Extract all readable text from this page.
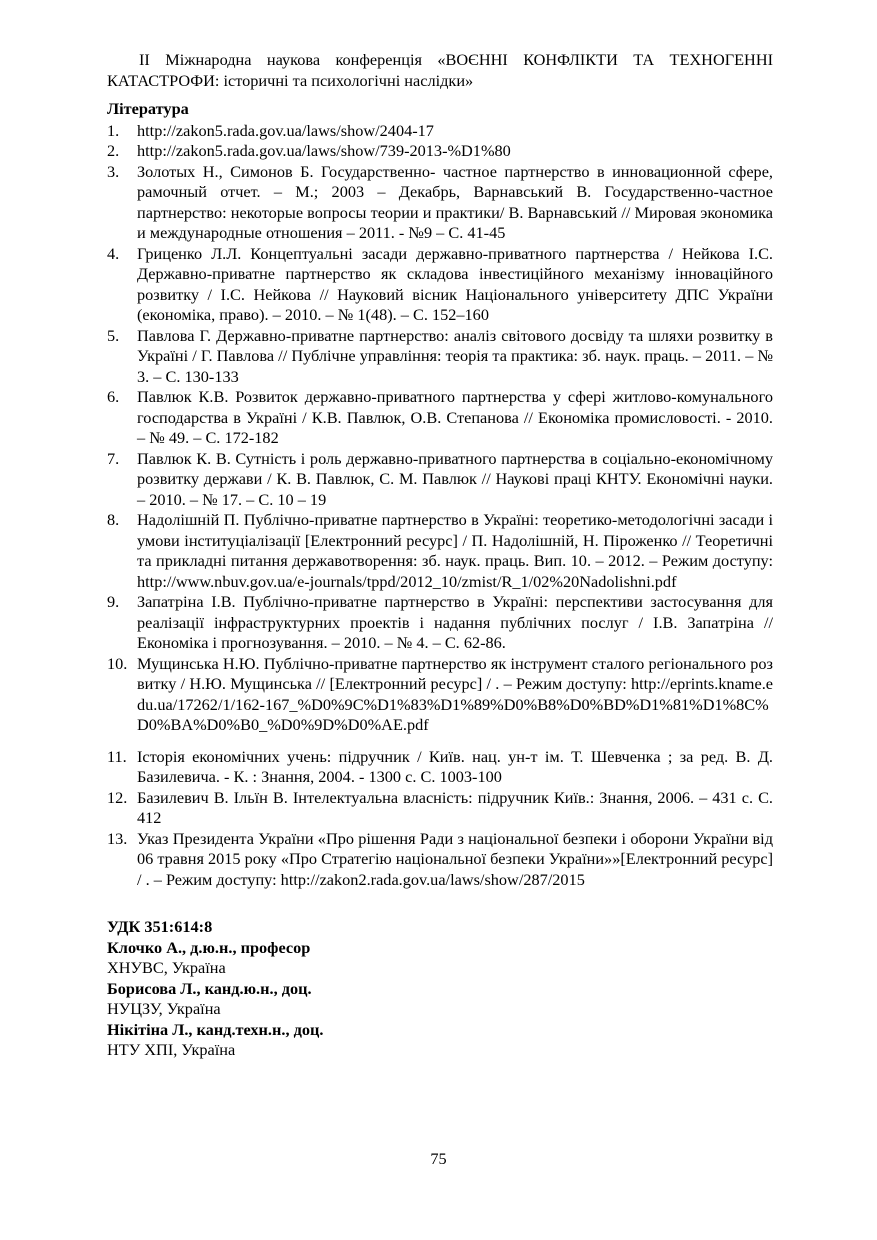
II Міжнародна наукова конференція «ВОЄННІ КОНФЛІКТИ ТА ТЕХНОГЕННІ КАТАСТРОФИ: історичні та психологічні наслідки»

Література
1.	http://zakon5.rada.gov.ua/laws/show/2404-17
2.	http://zakon5.rada.gov.ua/laws/show/739-2013-%D1%80
3.	Золотых Н., Симонов Б. Государственно- частное партнерство в инновационной сфере, рамочный отчет. – М.; 2003 – Декабрь, Варнавський В. Государственно-частное партнерство: некоторые вопросы теории и практики/ В. Варнавський // Мировая экономика и международные отношения – 2011. - №9 – С. 41-45
4.	Гриценко Л.Л. Концептуальні засади державно-приватного партнерства / Нейкова І.С. Державно-приватне партнерство як складова інвестиційного механізму інноваційного розвитку / І.С. Нейкова // Науковий вісник Національного університету ДПС України (економіка, право). – 2010. – № 1(48). – С. 152–160
5.	Павлова Г. Державно-приватне партнерство: аналіз світового досвіду та шляхи розвитку в Україні / Г. Павлова // Публічне управління: теорія та практика: зб. наук. праць. – 2011. – № 3. – С. 130-133
6.	Павлюк К.В. Розвиток державно-приватного партнерства у сфері житлово-комунального господарства в Україні / К.В. Павлюк, О.В. Степанова // Економіка промисловості. - 2010. – № 49. – С. 172-182
7.	Павлюк К. В. Сутність і роль державно-приватного партнерства в соціально-економічному розвитку держави / К. В. Павлюк, С. М. Павлюк // Наукові праці КНТУ. Економічні науки. – 2010. – № 17. – С. 10 – 19
8.	Надолішній П. Публічно-приватне партнерство в Україні: теоретико-методологічні засади і умови інституціалізації [Електронний ресурс] / П. Надолішній, Н. Піроженко // Теоретичні та прикладні питання державотворення: зб. наук. праць. Вип. 10. – 2012. – Режим доступу: http://www.nbuv.gov.ua/e-journals/tppd/2012_10/zmist/R_1/02%20Nadolishni.pdf
9.	Запатріна І.В. Публічно-приватне партнерство в Україні: перспективи застосування для реалізації інфраструктурних проектів і надання публічних послуг / І.В. Запатріна // Економіка і прогнозування. – 2010. – № 4. – С. 62-86.
10. Мущинська Н.Ю. Публічно-приватне партнерство як інструмент сталого регіонального розвитку / Н.Ю. Мущинська // [Електронний ресурс] / . – Режим доступу: http://eprints.kname.edu.ua/17262/1/162-167_%D0%9C%D1%83%D1%89%D0%B8%D0%BD%D1%81%D1%8C%D0%BA%D0%B0_%D0%9D%D0%AE.pdf
11. Історія економічних учень: підручник / Київ. нац. ун-т ім. Т. Шевченка ; за ред. В. Д. Базилевича. - К. : Знання, 2004. - 1300 с. С. 1003-100
12. Базилевич В. Ільїн В. Інтелектуальна власність: підручник Київ.: Знання, 2006. – 431 с. С. 412
13. Указ Президента України «Про рішення Ради з національної безпеки і оборони України від 06 травня 2015 року «Про Стратегію національної безпеки України»»[Електронний ресурс] / . – Режим доступу: http://zakon2.rada.gov.ua/laws/show/287/2015
УДК 351:614:8
Клочко А., д.ю.н., професор
ХНУВС, Україна
Борисова Л., канд.ю.н., доц.
НУЦЗУ, Україна
Нікітіна Л., канд.техн.н., доц.
НТУ ХПІ, Україна
75
